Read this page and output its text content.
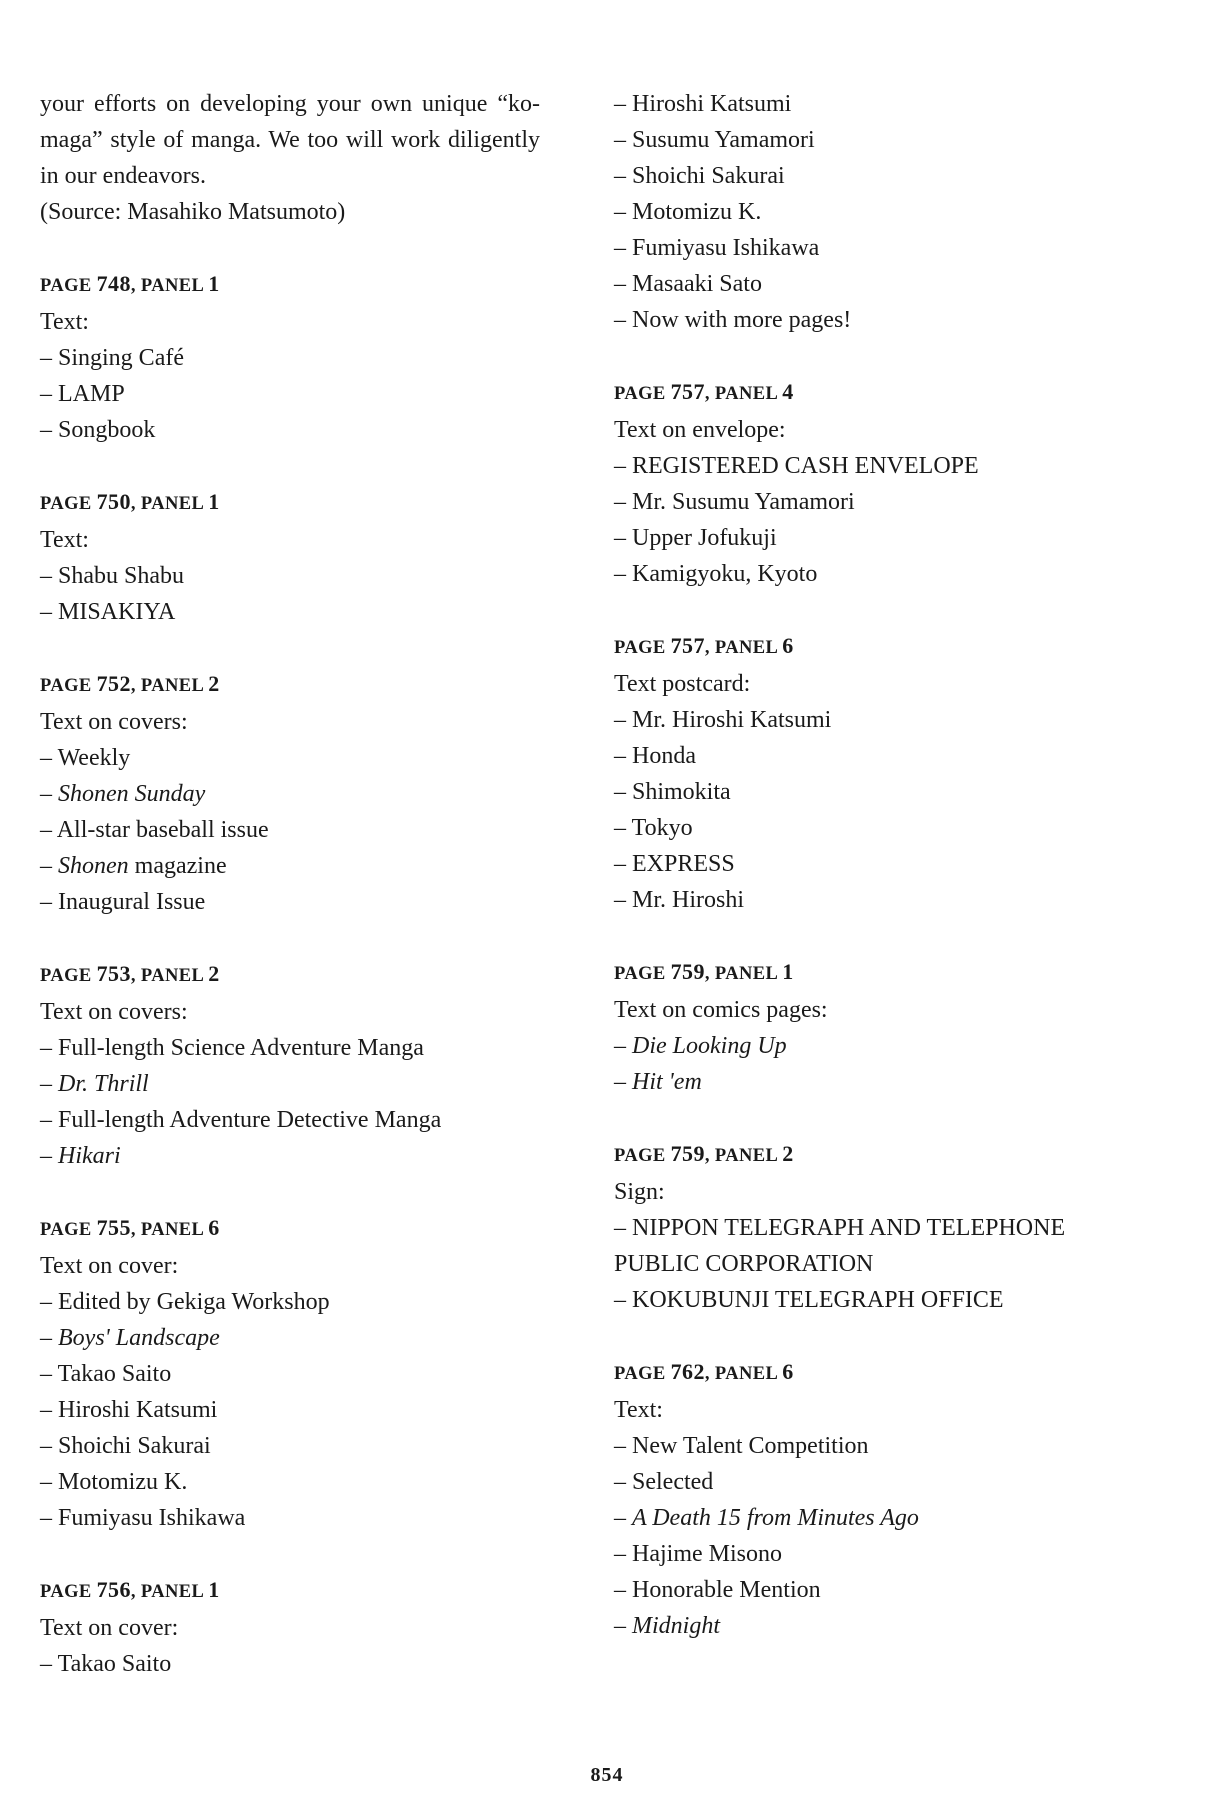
your efforts on developing your own unique “ko-maga” style of manga. We too will work diligently in our endeavors.

(Source: Masahiko Matsumoto)

PAGE 748, PANEL 1
Text:
– Singing Café
– LAMP
– Songbook
PAGE 750, PANEL 1
Text:
– Shabu Shabu
– MISAKIYA
PAGE 752, PANEL 2
Text on covers:
– Weekly
– Shonen Sunday
– All-star baseball issue
– Shonen magazine
– Inaugural Issue
PAGE 753, PANEL 2
Text on covers:
– Full-length Science Adventure Manga
– Dr. Thrill
– Full-length Adventure Detective Manga
– Hikari
PAGE 755, PANEL 6
Text on cover:
– Edited by Gekiga Workshop
– Boys' Landscape
– Takao Saito
– Hiroshi Katsumi
– Shoichi Sakurai
– Motomizu K.
– Fumiyasu Ishikawa
PAGE 756, PANEL 1
Text on cover:
– Takao Saito
– Hiroshi Katsumi
– Susumu Yamamori
– Shoichi Sakurai
– Motomizu K.
– Fumiyasu Ishikawa
– Masaaki Sato
– Now with more pages!
PAGE 757, PANEL 4
Text on envelope:
– REGISTERED CASH ENVELOPE
– Mr. Susumu Yamamori
– Upper Jofukuji
– Kamigyoku, Kyoto
PAGE 757, PANEL 6
Text postcard:
– Mr. Hiroshi Katsumi
– Honda
– Shimokita
– Tokyo
– EXPRESS
– Mr. Hiroshi
PAGE 759, PANEL 1
Text on comics pages:
– Die Looking Up
– Hit 'em
PAGE 759, PANEL 2
Sign:
– NIPPON TELEGRAPH AND TELEPHONE PUBLIC CORPORATION
– KOKUBUNJI TELEGRAPH OFFICE
PAGE 762, PANEL 6
Text:
– New Talent Competition
– Selected
– A Death 15 from Minutes Ago
– Hajime Misono
– Honorable Mention
– Midnight
854
